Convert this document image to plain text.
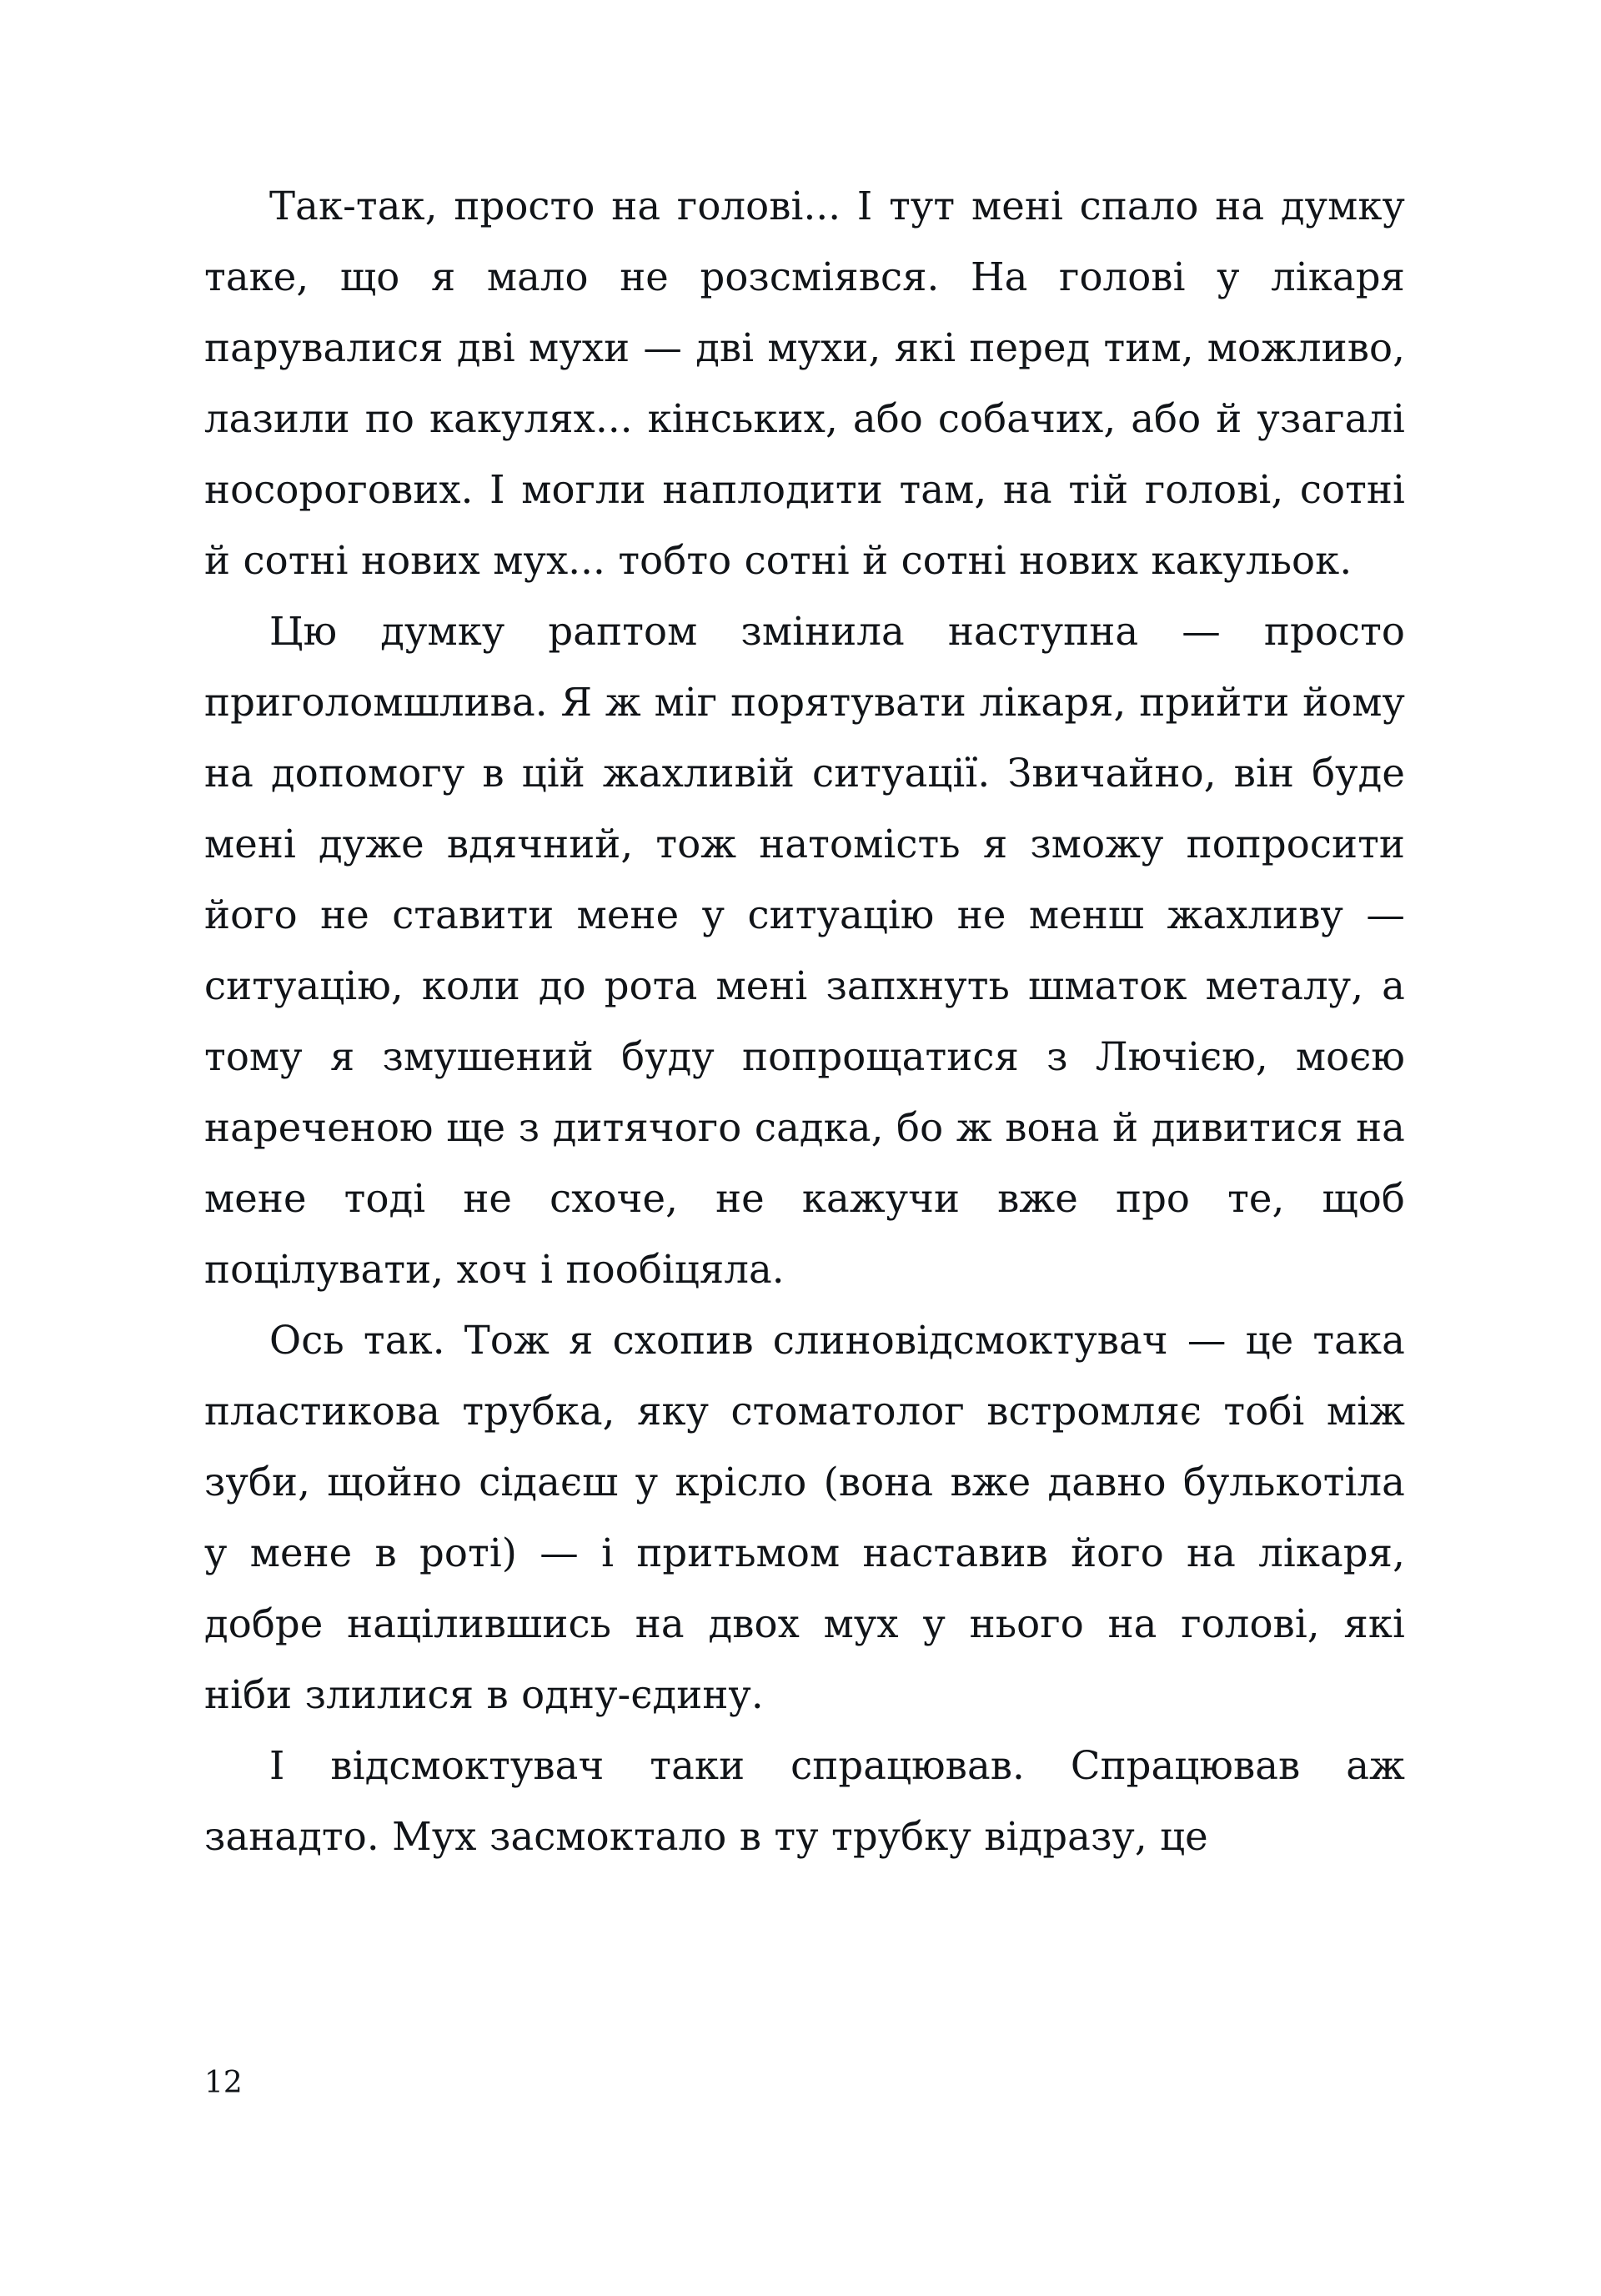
Так-так, просто на голові... І тут мені спало на думку таке, що я мало не розсміявся. На голові у лікаря парувалися дві мухи — дві мухи, які перед тим, можливо, лазили по какулях... кінських, або собачих, або й узагалі носорогових. І могли наплодити там, на тій голові, сотні й сотні нових мух... тобто сотні й сотні нових какульок.

Цю думку раптом змінила наступна — просто приголомшлива. Я ж міг порятувати лікаря, прийти йому на допомогу в цій жахливій ситуації. Звичайно, він буде мені дуже вдячний, тож натомість я зможу попросити його не ставити мене у ситуацію не менш жахливу — ситуацію, коли до рота мені запхнуть шматок металу, а тому я змушений буду попрощатися з Лючією, моєю нареченою ще з дитячого садка, бо ж вона й дивитися на мене тоді не схоче, не кажучи вже про те, щоб поцілувати, хоч і пообіцяла.

Ось так. Тож я схопив слиновідсмоктувач — це така пластикова трубка, яку стоматолог встромляє тобі між зуби, щойно сідаєш у крісло (вона вже давно булькотіла у мене в роті) — і притьмом наставив його на лікаря, добре націлившись на двох мух у нього на голові, які ніби злилися в одну-єдину.

І відсмоктувач таки спрацював. Спрацював аж занадто. Мух засмоктало в ту трубку відразу, це

12
